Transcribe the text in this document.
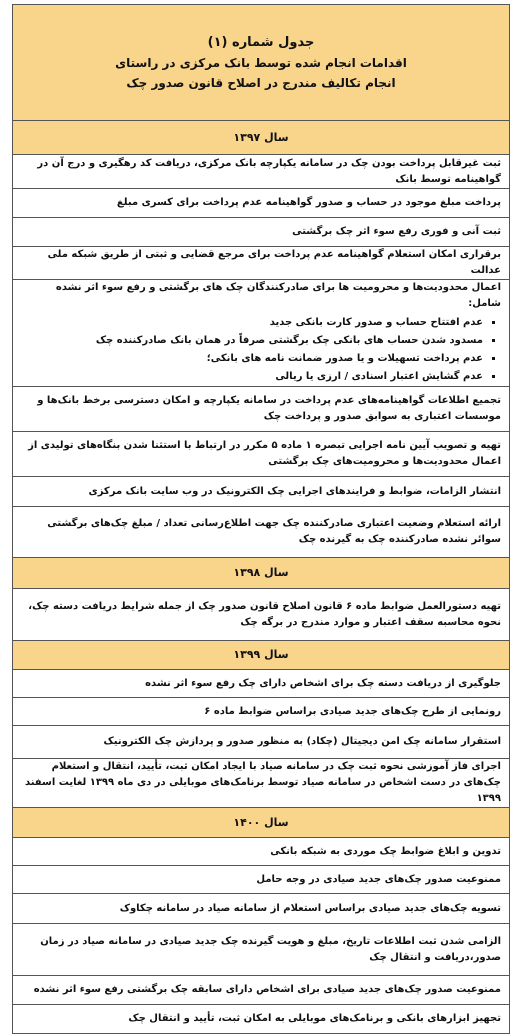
جدول شماره (۱)
اقدامات انجام شده توسط بانک مرکزی در راستای
انجام تکالیف مندرج در اصلاح قانون صدور چک

سال ۱۳۹۷
ثبت غیرقابل پرداخت بودن چک در سامانه یکپارچه بانک مرکزی، دریافت کد رهگیری و درج آن در گواهینامه توسط بانک
پرداخت مبلغ موجود در حساب و صدور گواهینامه عدم پرداخت برای کسری مبلغ
ثبت آنی و فوری رفع سوء اثر چک برگشتی
برقراری امکان استعلام گواهینامه عدم پرداخت برای مرجع قضایی و ثبتی از طریق شبکه ملی عدالت

اعمال محدودیت‌ها و محرومیت ها برای صادرکنندگان چک های برگشتی و رفع سوء اثر نشده شامل:
▪ عدم افتتاح حساب و صدور کارت بانکی جدید
▪ مسدود شدن حساب های بانکی چک برگشتی صرفاً در همان بانک صادرکننده چک
▪ عدم پرداخت تسهیلات و یا صدور ضمانت نامه های بانکی؛
▪ عدم گشایش اعتبار اسنادی / ارزی یا ریالی

تجمیع اطلاعات گواهینامه‌های عدم پرداخت در سامانه یکپارچه و امکان دسترسی برخط بانک‌ها و موسسات اعتباری به سوابق صدور و پرداخت چک
تهیه و تصویب آیین نامه اجرایی تبصره ۱ ماده ۵ مکرر در ارتباط با استثنا شدن بنگاه‌های تولیدی از اعمال محدودیت‌ها و محرومیت‌های چک برگشتی
انتشار الزامات، ضوابط و فرایندهای اجرایی چک الکترونیک در وب سایت بانک مرکزی
ارائه استعلام وضعیت اعتباری صادرکننده چک جهت اطلاع‌رسانی تعداد / مبلغ چک‌های برگشتی سوائر نشده صادرکننده چک به گیرنده چک
سال ۱۳۹۸
تهیه دستورالعمل ضوابط ماده ۶ قانون اصلاح قانون صدور چک از جمله شرایط دریافت دسته چک، نحوه محاسبه سقف اعتبار و موارد مندرج در برگه چک
سال ۱۳۹۹
جلوگیری از دریافت دسته چک برای اشخاص دارای چک رفع سوء اثر نشده
رونمایی از طرح چک‌های جدید صیادی براساس ضوابط ماده ۶
استقرار سامانه چک امن دیجیتال (چکاد) به منظور صدور و پردازش چک الکترونیک
اجرای فاز آموزشی نحوه ثبت چک در سامانه صیاد با ایجاد امکان ثبت، تأیید، انتقال و استعلام چک‌های در دست اشخاص در سامانه صیاد توسط برنامک‌های موبایلی در دی ماه ۱۳۹۹ لغایت اسفند ۱۳۹۹
سال ۱۴۰۰
تدوین و ابلاغ ضوابط چک موردی به شبکه بانکی
ممنوعیت صدور چک‌های جدید صیادی در وجه حامل
تسویه چک‌های جدید صیادی براساس استعلام از سامانه صیاد در سامانه چکاوک
الزامی شدن ثبت اطلاعات تاریخ، مبلغ و هویت گیرنده چک جدید صیادی در سامانه صیاد در زمان صدور،دریافت و انتقال چک
ممنوعیت صدور چک‌های جدید صیادی برای اشخاص دارای سابقه چک برگشتی رفع سوء اثر نشده
تجهیز ابزارهای بانکی و برنامک‌های موبایلی به امکان ثبت، تأیید و انتقال چک
